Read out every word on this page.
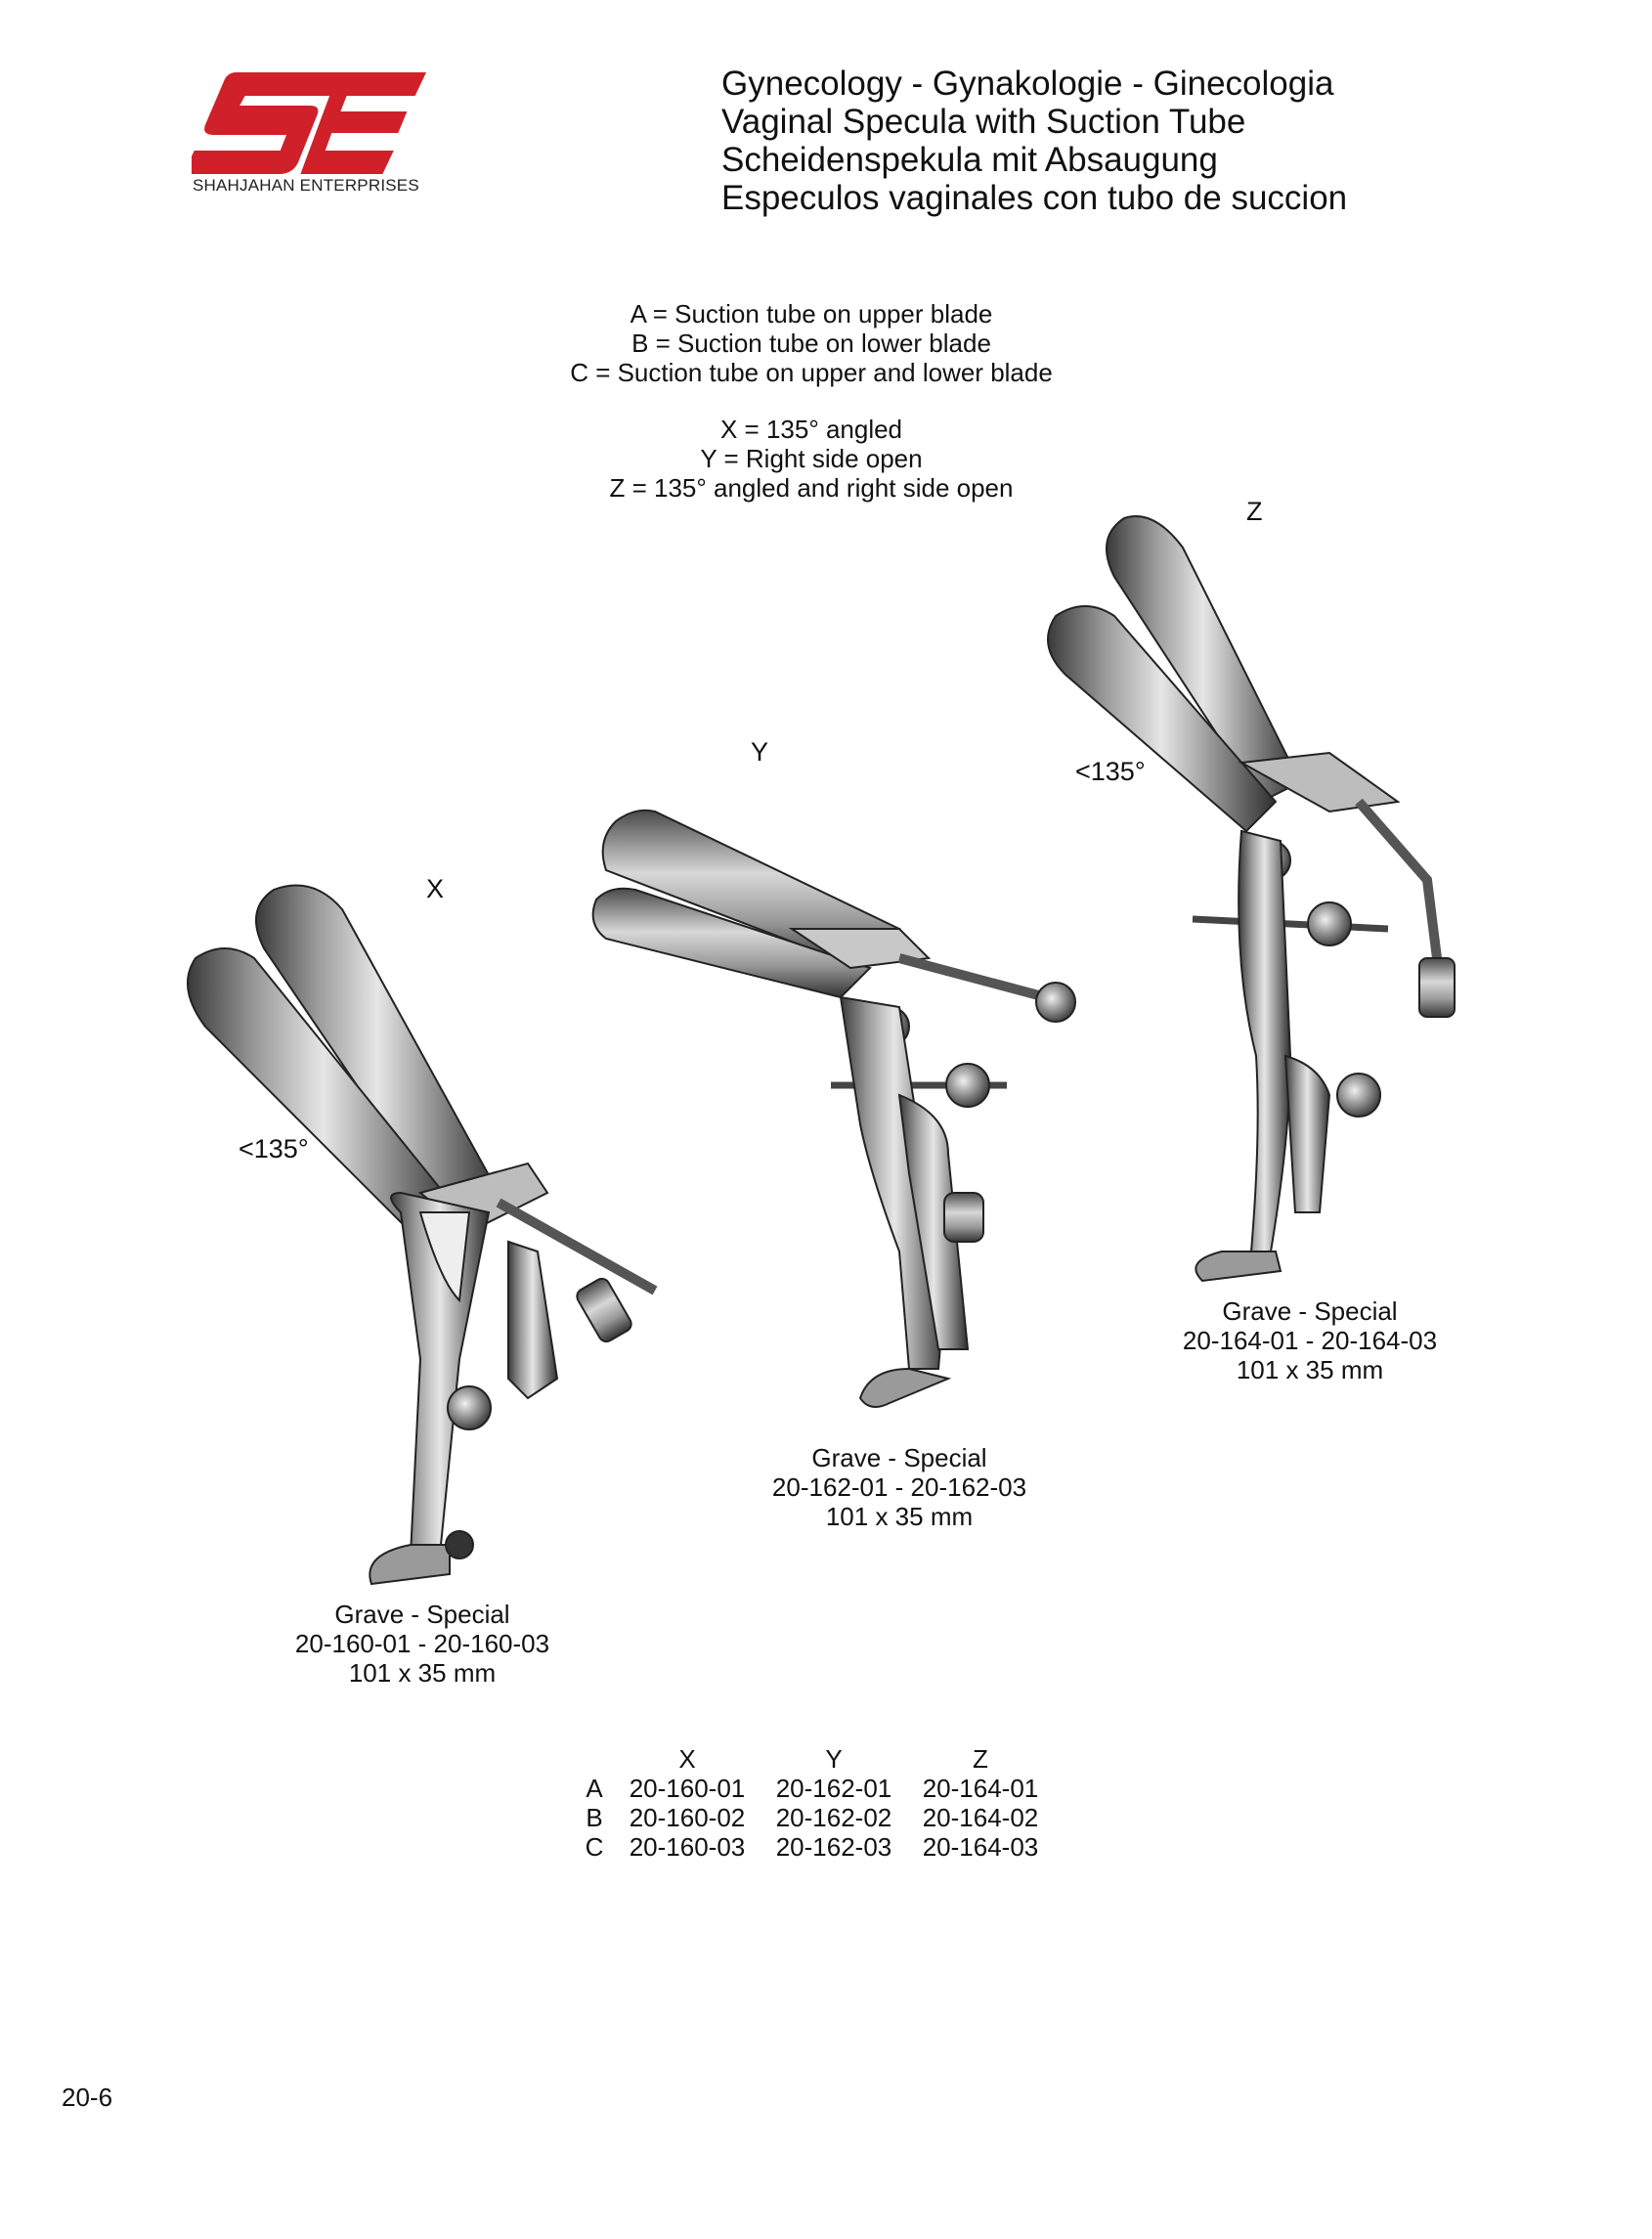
SHAHJAHAN ENTERPRISES
Gynecology - Gynakologie - Ginecologia
Vaginal Specula with Suction Tube
Scheidenspekula mit Absaugung
Especulos vaginales con tubo de succion
A = Suction tube on upper blade
B = Suction tube on lower blade
C = Suction tube on upper and lower blade
X = 135° angled
Y = Right side open
Z = 135° angled and right side open
Z
<135°
Grave - Special
20-164-01 - 20-164-03
101 x 35 mm
Y
Grave - Special
20-162-01 - 20-162-03
101 x 35 mm
X
<135°
Grave - Special
20-160-01 - 20-160-03
101 x 35 mm
	X	Y	Z
A	20-160-01	20-162-01	20-164-01
B	20-160-02	20-162-02	20-164-02
C	20-160-03	20-162-03	20-164-03
20-6
